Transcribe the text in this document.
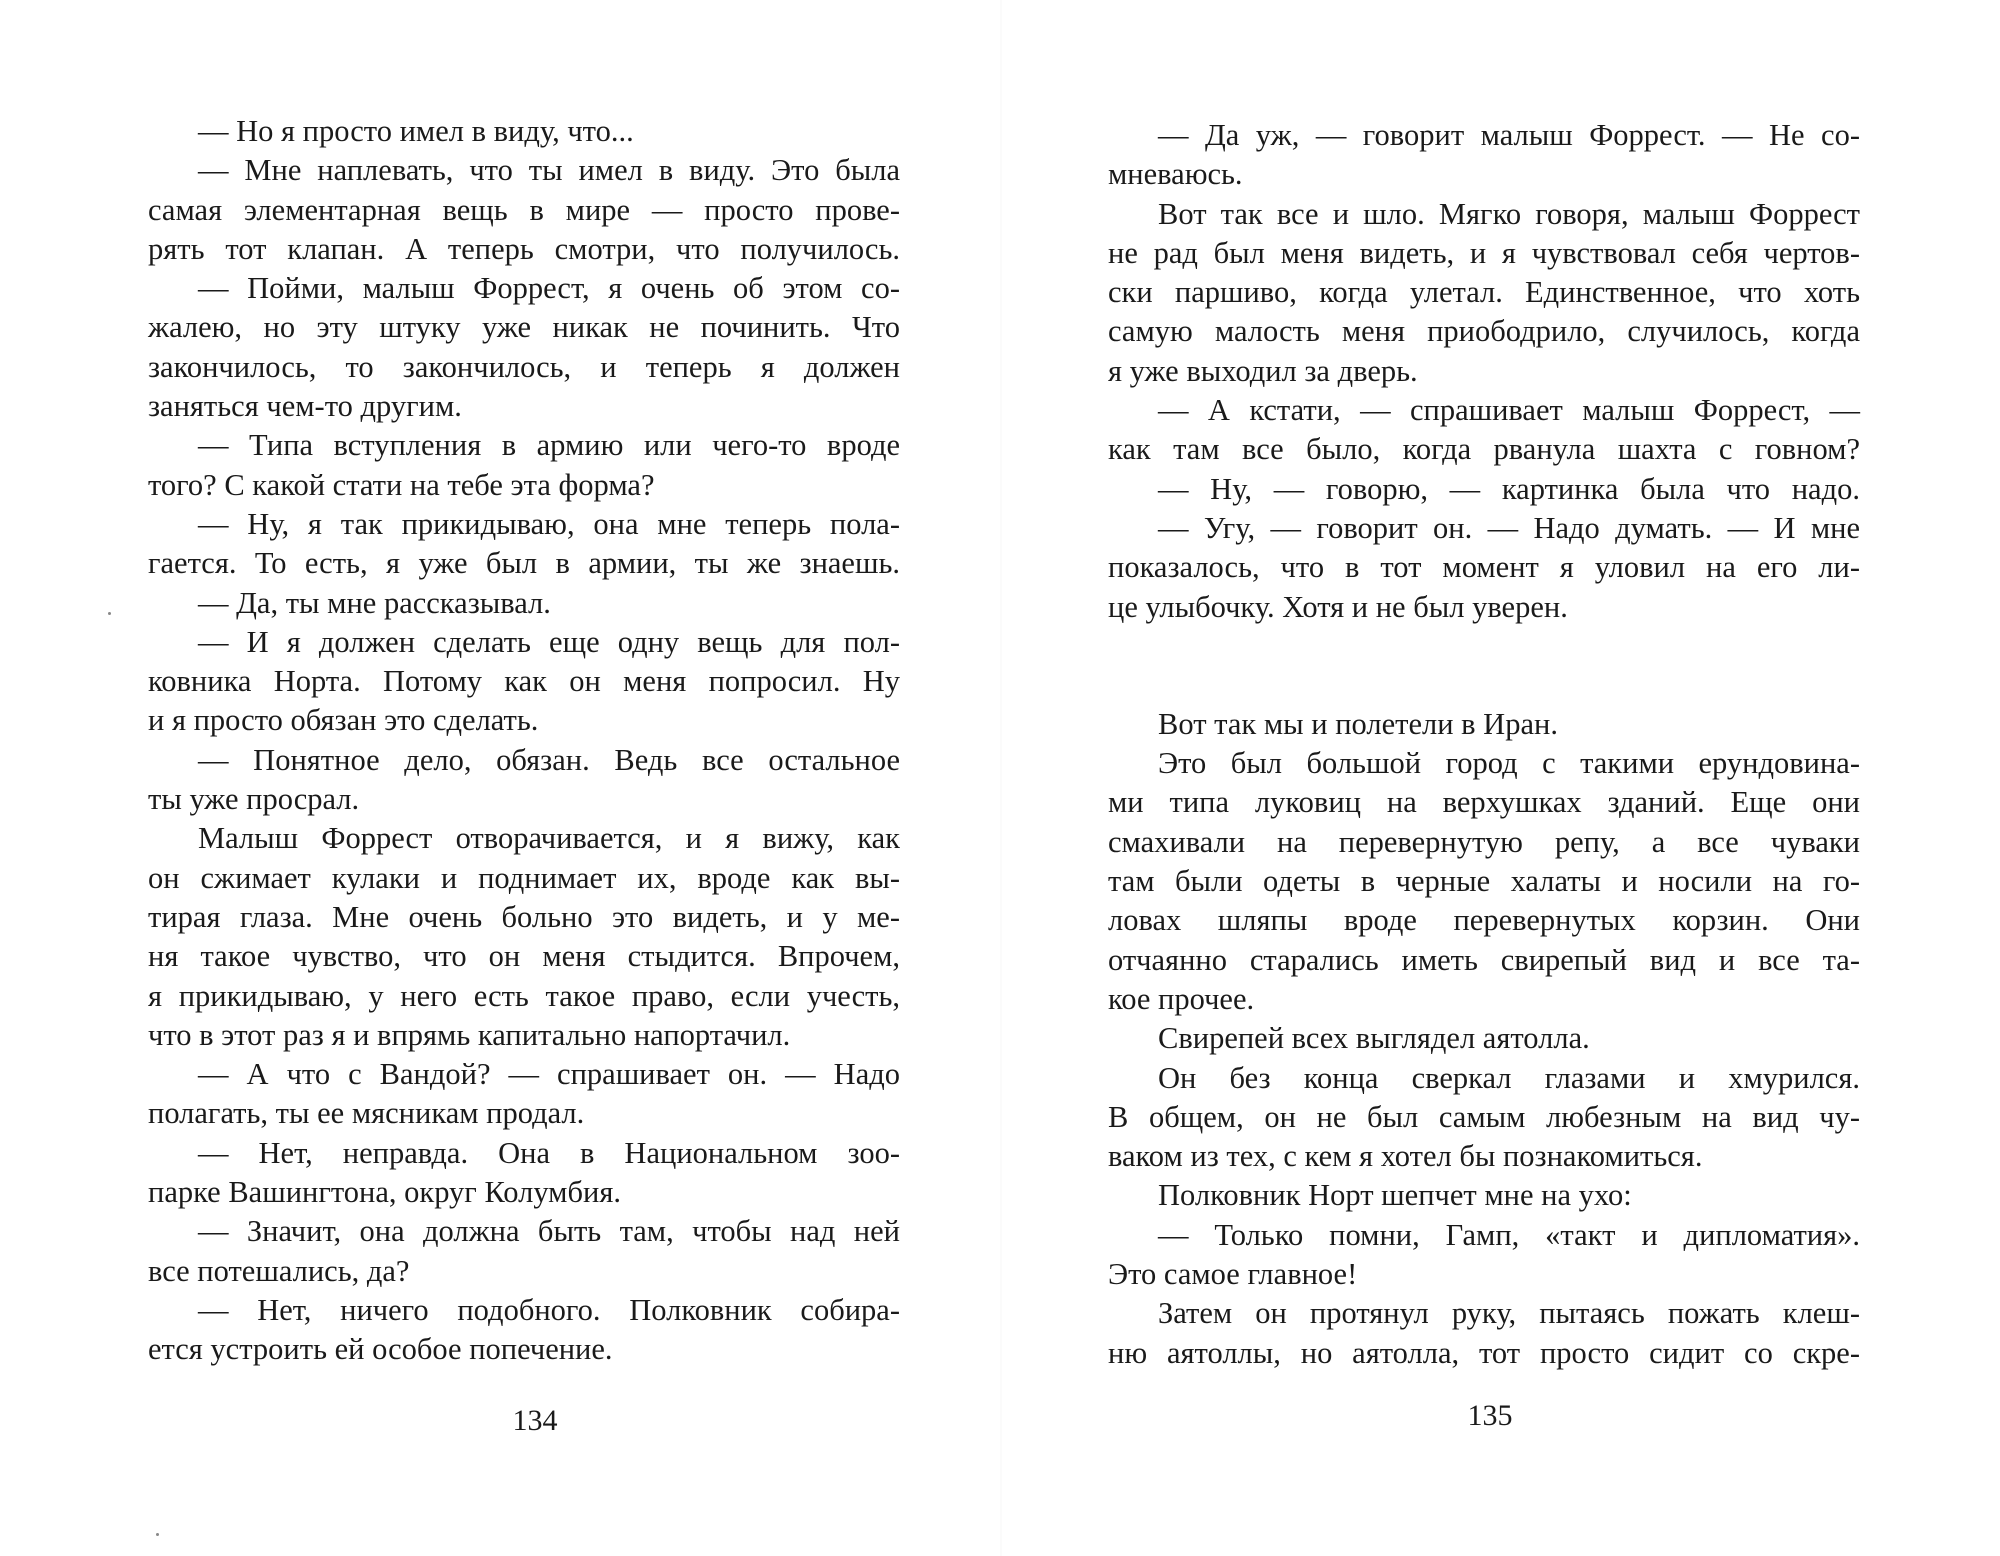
— Но я просто имел в виду, что...
— Мне наплевать, что ты имел в виду. Это была
самая элементарная вещь в мире — просто прове-
рять тот клапан. А теперь смотри, что получилось.
— Пойми, малыш Форрест, я очень об этом со-
жалею, но эту штуку уже никак не починить. Что
закончилось, то закончилось, и теперь я должен
заняться чем-то другим.
— Типа вступления в армию или чего-то вроде
того? С какой стати на тебе эта форма?
— Ну, я так прикидываю, она мне теперь пола-
гается. То есть, я уже был в армии, ты же знаешь.
— Да, ты мне рассказывал.
— И я должен сделать еще одну вещь для пол-
ковника Норта. Потому как он меня попросил. Ну
и я просто обязан это сделать.
— Понятное дело, обязан. Ведь все остальное
ты уже просрал.
Малыш Форрест отворачивается, и я вижу, как
он сжимает кулаки и поднимает их, вроде как вы-
тирая глаза. Мне очень больно это видеть, и у ме-
ня такое чувство, что он меня стыдится. Впрочем,
я прикидываю, у него есть такое право, если учесть,
что в этот раз я и впрямь капитально напортачил.
— А что с Вандой? — спрашивает он. — Надо
полагать, ты ее мясникам продал.
— Нет, неправда. Она в Национальном зоо-
парке Вашингтона, округ Колумбия.
— Значит, она должна быть там, чтобы над ней
все потешались, да?
— Нет, ничего подобного. Полковник собира-
ется устроить ей особое попечение.
134
— Да уж, — говорит малыш Форрест. — Не со-
мневаюсь.
Вот так все и шло. Мягко говоря, малыш Форрест
не рад был меня видеть, и я чувствовал себя чертов-
ски паршиво, когда улетал. Единственное, что хоть
самую малость меня приободрило, случилось, когда
я уже выходил за дверь.
— А кстати, — спрашивает малыш Форрест, —
как там все было, когда рванула шахта с говном?
— Ну, — говорю, — картинка была что надо.
— Угу, — говорит он. — Надо думать. — И мне
показалось, что в тот момент я уловил на его ли-
це улыбочку. Хотя и не был уверен.
Вот так мы и полетели в Иран.
Это был большой город с такими ерундовина-
ми типа луковиц на верхушках зданий. Еще они
смахивали на перевернутую репу, а все чуваки
там были одеты в черные халаты и носили на го-
ловах шляпы вроде перевернутых корзин. Они
отчаянно старались иметь свирепый вид и все та-
кое прочее.
Свирепей всех выглядел аятолла.
Он без конца сверкал глазами и хмурился.
В общем, он не был самым любезным на вид чу-
ваком из тех, с кем я хотел бы познакомиться.
Полковник Норт шепчет мне на ухо:
— Только помни, Гамп, «такт и дипломатия».
Это самое главное!
Затем он протянул руку, пытаясь пожать клеш-
ню аятоллы, но аятолла, тот просто сидит со скре-
135
